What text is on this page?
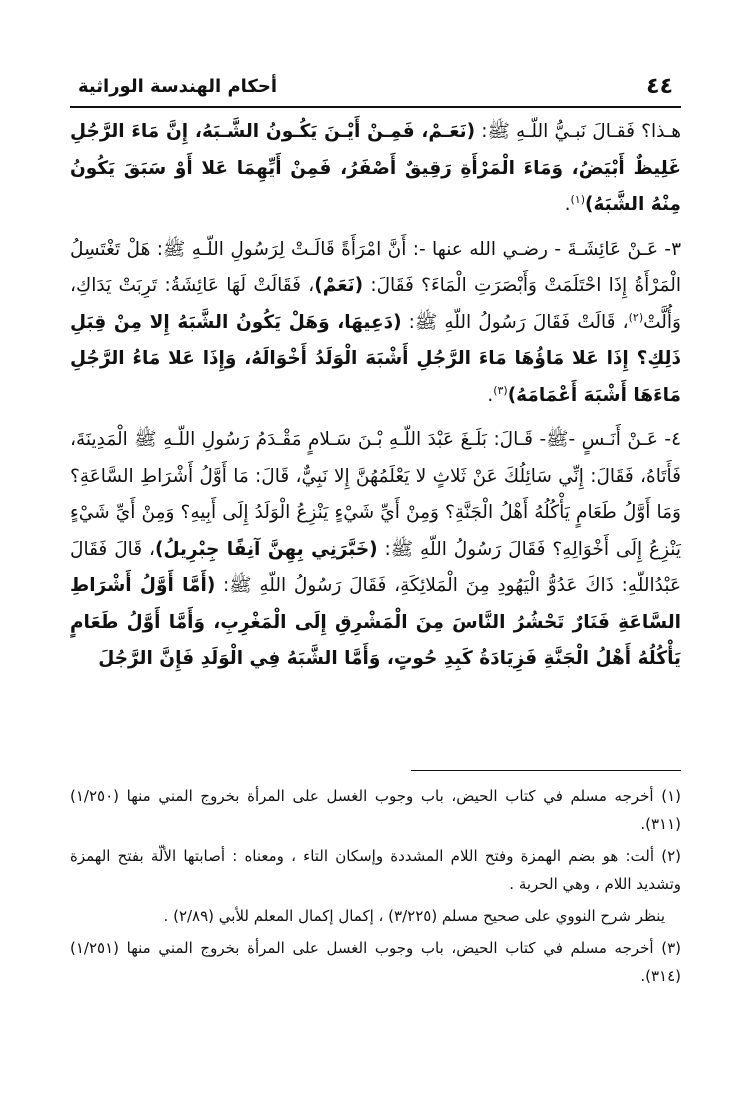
٤٤
أحكام الهندسة الوراثية

هـذا؟ فَقـالَ نَبـيُّ اللّـهِ ﷺ: (نَعَـمْ، فَمِـنْ أَيْـنَ يَكُـونُ الشَّـبَهُ، إِنَّ مَاءَ الرَّجُلِ غَلِيظٌ أَبْيَضُ، وَمَاءَ الْمَرْأَةِ رَقِيقٌ أَصْفَرُ، فَمِنْ أَيِّهِمَا عَلا أَوْ سَبَقَ يَكُونُ مِنْهُ الشَّبَهُ)$^{(١)}$.

٣- عَـنْ عَائِشَـةَ - رضـي الله عنها -: أَنَّ امْرَأَةً قَالَـتْ لِرَسُولِ اللّـهِ ﷺ: هَلْ تَغْتَسِلُ الْمَرْأَةُ إِذَا احْتَلَمَتْ وَأَبْصَرَتِ الْمَاءَ؟ فَقَالَ: (نَعَمْ)، فَقَالَتْ لَهَا عَائِشَةُ: تَرِبَتْ يَدَاكِ، وَأُلَّتْ$^{(٢)}$، قَالَتْ فَقَالَ رَسُولُ اللّهِ ﷺ: (دَعِيهَا، وَهَلْ يَكُونُ الشَّبَهُ إِلا مِنْ قِبَلِ ذَلِكِ؟ إِذَا عَلا مَاؤُهَا مَاءَ الرَّجُلِ أَشْبَهَ الْوَلَدُ أَخْوَالَهُ، وَإِذَا عَلا مَاءُ الرَّجُلِ مَاءَهَا أَشْبَهَ أَعْمَامَهُ)$^{(٣)}$.

٤- عَـنْ أَنَـسٍ -ﷺ- قَـالَ: بَلَـغَ عَبْدَ اللّـهِ بْـنَ سَـلامٍ مَقْـدَمُ رَسُولِ اللّـهِ ﷺ الْمَدِينَةَ، فَأَتَاهُ، فَقَالَ: إِنِّي سَائِلُكَ عَنْ ثَلاثٍ لا يَعْلَمُهُنَّ إِلا نَبِيٌّ، قَالَ: مَا أَوَّلُ أَشْرَاطِ السَّاعَةِ؟ وَمَا أَوَّلُ طَعَامٍ يَأْكُلُهُ أَهْلُ الْجَنَّةِ؟ وَمِنْ أَيِّ شَيْءٍ يَنْزِعُ الْوَلَدُ إِلَى أَبِيهِ؟ وَمِنْ أَيِّ شَيْءٍ يَنْزِعُ إِلَى أَخْوَالِهِ؟ فَقَالَ رَسُولُ اللّهِ ﷺ: (خَبَّرَنِي بِهِنَّ آنِفًا جِبْرِيلُ)، قَالَ فَقَالَ عَبْدُاللّهِ: ذَاكَ عَدُوُّ الْيَهُودِ مِنَ الْمَلائِكَةِ، فَقَالَ رَسُولُ اللّهِ ﷺ: (أَمَّا أَوَّلُ أَشْرَاطِ السَّاعَةِ فَنَارٌ تَحْشُرُ النَّاسَ مِنَ الْمَشْرِقِ إِلَى الْمَغْرِبِ، وَأَمَّا أَوَّلُ طَعَامٍ يَأْكُلُهُ أَهْلُ الْجَنَّةِ فَزِيَادَةُ كَبِدِ حُوتٍ، وَأَمَّا الشَّبَهُ فِي الْوَلَدِ فَإِنَّ الرَّجُلَ

(١) أخرجه مسلم في كتاب الحيض، باب وجوب الغسل على المرأة بخروج المني منها (١/٢٥٠) (٣١١).

(٢) ألت: هو بضم الهمزة وفتح اللام المشددة وإسكان التاء ، ومعناه : أصابتها الألّة بفتح الهمزة وتشديد اللام ، وهي الحربة .

ينظر شرح النووي على صحيح مسلم (٣/٢٢٥) ، إكمال إكمال المعلم للأبي (٢/٨٩) .

(٣) أخرجه مسلم في كتاب الحيض، باب وجوب الغسل على المرأة بخروج المني منها (١/٢٥١) (٣١٤).
